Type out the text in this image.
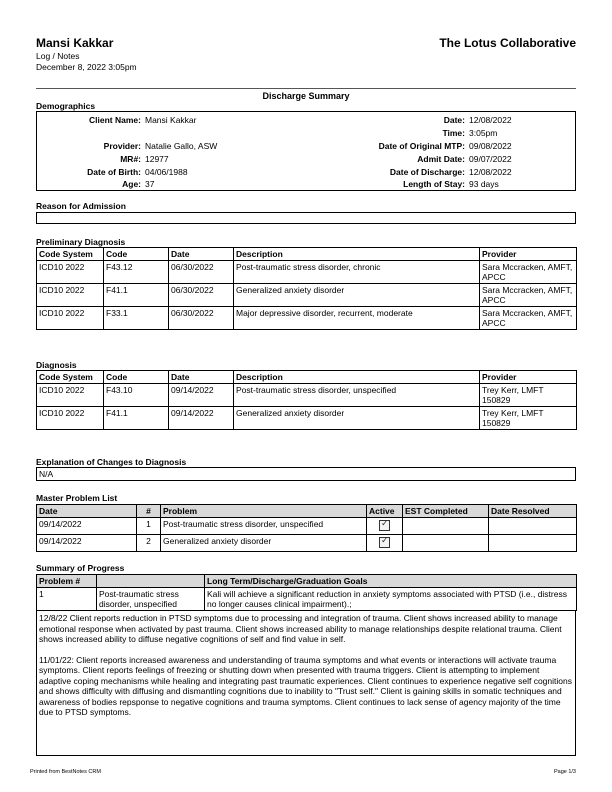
Mansi Kakkar	The Lotus Collaborative
Log / Notes
December 8, 2022 3:05pm
Discharge Summary
Demographics
Client Name: Mansi Kakkar
Provider: Natalie Gallo, ASW
MR#: 12977
Date of Birth: 04/06/1988
Age: 37
Date: 12/08/2022
Time: 3:05pm
Date of Original MTP: 09/08/2022
Admit Date: 09/07/2022
Date of Discharge: 12/08/2022
Length of Stay: 93 days
Reason for Admission
Preliminary Diagnosis
Code System	Code	Date	Description	Provider
ICD10 2022	F43.12	06/30/2022	Post-traumatic stress disorder, chronic	Sara Mccracken, AMFT, APCC
ICD10 2022	F41.1	06/30/2022	Generalized anxiety disorder	Sara Mccracken, AMFT, APCC
ICD10 2022	F33.1	06/30/2022	Major depressive disorder, recurrent, moderate	Sara Mccracken, AMFT, APCC
Diagnosis
Code System	Code	Date	Description	Provider
ICD10 2022	F43.10	09/14/2022	Post-traumatic stress disorder, unspecified	Trey Kerr, LMFT 150829
ICD10 2022	F41.1	09/14/2022	Generalized anxiety disorder	Trey Kerr, LMFT 150829
Explanation of Changes to Diagnosis
N/A
Master Problem List
Date	#	Problem	Active	EST Completed	Date Resolved
09/14/2022	1	Post-traumatic stress disorder, unspecified	✓		
09/14/2022	2	Generalized anxiety disorder	✓		
Summary of Progress
Problem #		Long Term/Discharge/Graduation Goals
1	Post-traumatic stress disorder, unspecified	Kali will achieve a significant reduction in anxiety symptoms associated with PTSD (i.e., distress no longer causes clinical impairment).;

12/8/22 Client reports reduction in PTSD symptoms due to processing and integration of trauma. Client shows increased ability to manage emotional response when activated by past trauma. Client shows increased ability to manage relationships despite relational trauma. Client shows increased ability to diffuse negative cognitions of self and find value in self.

11/01/22: Client reports increased awareness and understanding of trauma symptoms and what events or interactions will activate trauma symptoms. Client reports feelings of freezing or shutting down when presented with trauma triggers. Client is attempting to implement adaptive coping mechanisms while healing and integrating past traumatic experiences. Client continues to experience negative self cognitions and shows difficulty with diffusing and dismantling cognitions due to inability to "Trust self." Client is gaining skills in somatic techniques and awareness of bodies repsponse to negative cognitions and trauma symptoms. Client continues to lack sense of agency majority of the time due to PTSD symptoms.

Printed from BestNotes CRM	Page 1/3
